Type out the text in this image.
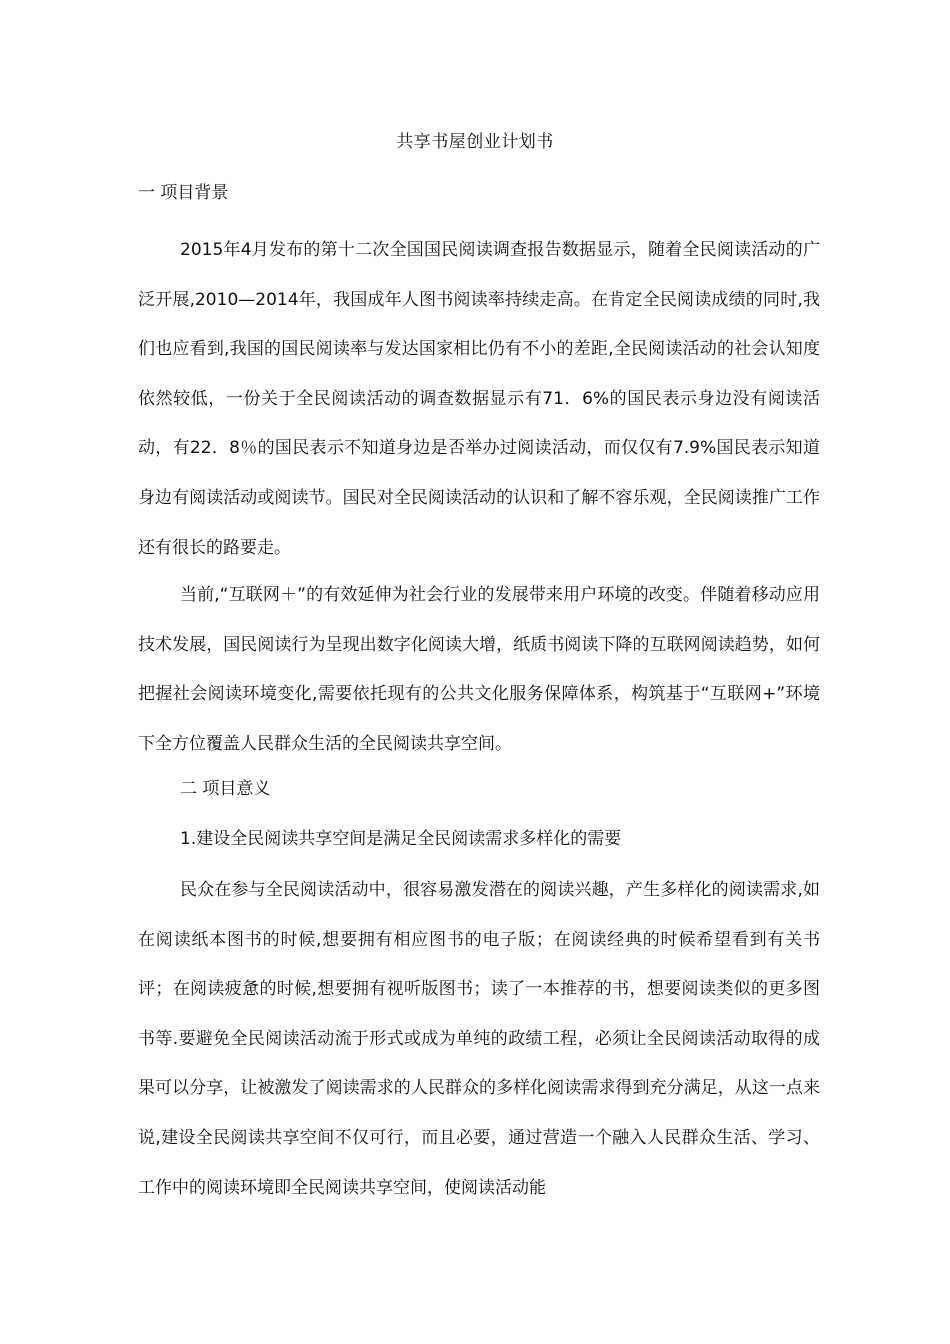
共享书屋创业计划书
一 项目背景
2015年4月发布的第十二次全国国民阅读调查报告数据显示，随着全民阅读活动的广泛开展,2010—2014年，我国成年人图书阅读率持续走高。在肯定全民阅读成绩的同时,我们也应看到,我国的国民阅读率与发达国家相比仍有不小的差距,全民阅读活动的社会认知度依然较低，一份关于全民阅读活动的调查数据显示有71．6%的国民表示身边没有阅读活动，有22．8％的国民表示不知道身边是否举办过阅读活动，而仅仅有7.9%国民表示知道身边有阅读活动或阅读节。国民对全民阅读活动的认识和了解不容乐观，全民阅读推广工作还有很长的路要走。
当前,“互联网＋”的有效延伸为社会行业的发展带来用户环境的改变。伴随着移动应用技术发展，国民阅读行为呈现出数字化阅读大增，纸质书阅读下降的互联网阅读趋势，如何把握社会阅读环境变化,需要依托现有的公共文化服务保障体系，构筑基于“互联网+”环境下全方位覆盖人民群众生活的全民阅读共享空间。
二 项目意义
1.建设全民阅读共享空间是满足全民阅读需求多样化的需要
民众在参与全民阅读活动中，很容易激发潜在的阅读兴趣，产生多样化的阅读需求,如在阅读纸本图书的时候,想要拥有相应图书的电子版；在阅读经典的时候希望看到有关书评；在阅读疲惫的时候,想要拥有视听版图书；读了一本推荐的书，想要阅读类似的更多图书等.要避免全民阅读活动流于形式或成为单纯的政绩工程，必须让全民阅读活动取得的成果可以分享，让被激发了阅读需求的人民群众的多样化阅读需求得到充分满足，从这一点来说,建设全民阅读共享空间不仅可行，而且必要，通过营造一个融入人民群众生活、学习、工作中的阅读环境即全民阅读共享空间，使阅读活动能
